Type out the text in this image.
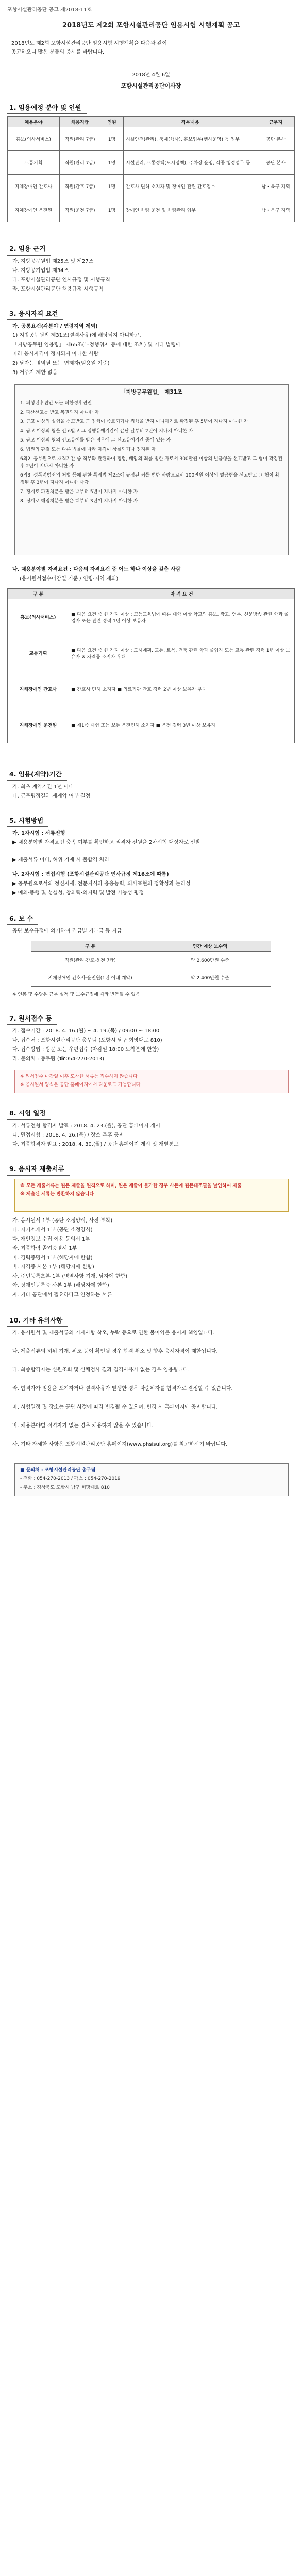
포항시설관리공단 공고 제2018-11호
2018년도 제2회 포항시설관리공단 임용시험 시행계획 공고
2018년도 제2회 포항시설관리공단 임용시험 시행계획을 다음과 같이
공고하오니 많은 분들의 응시를 바랍니다.
2018년 4월 6일
포항시설관리공단이사장
1. 임용예정 분야 및 인원
채용분야	채용직급	인원	직무내용	근무지
홍보(의사서비스)	직원(관리 7급)	1명	시설안전(관리), 축제(행사), 홍보업무(행사운영) 등 업무	공단 본사
교통기획	직원(관리 7급)	1명	시설관리, 교통정책(도시정책), 주차장 운영, 각종 행정업무 등	공단 본사
지체장애인 간호사	직원(간호 7급)	1명	간호사 면허 소지자 및 장애인 관련 간호업무	남・북구 지역
지체장애인 운전원	직원(운전 7급)	1명	장애인 차량 운전 및 차량관리 업무	남・북구 지역
2. 임용 근거
가. 지방공무원법 제25조 및 제27조
나. 지방공기업법 제34조
다. 포항시설관리공단 인사규정 및 시행규칙
라. 포항시설관리공단 채용규정 시행규칙
3. 응시자격 요건
가. 공통요건(각분야 / 연령지역 제외)
1) 지방공무원법 제31조(결격사유)에 해당되지 아니하고,
「지방공무원 임용령」 제65조(부정행위자 등에 대한 조치) 및 기타 법령에
따라 응시자격이 정지되지 아니한 사람
2) 남자는 병역필 또는 면제자(임용일 기준)
3) 거주지 제한 없음
「지방공무원법」 제31조
1. 피성년후견인 또는 피한정후견인
2. 파산선고를 받고 복권되지 아니한 자
3. 금고 이상의 실형을 선고받고 그 집행이 종료되거나 집행을 받지 아니하기로 확정된 후 5년이 지나지 아니한 자
4. 금고 이상의 형을 선고받고 그 집행유예기간이 끝난 날부터 2년이 지나지 아니한 자
5. 금고 이상의 형의 선고유예를 받은 경우에 그 선고유예기간 중에 있는 자
6. 법원의 판결 또는 다른 법률에 따라 자격이 상실되거나 정지된 자
6의2. 공무원으로 재직기간 중 직무와 관련하여 횡령, 배임의 죄를 범한 자로서 300만원 이상의 벌금형을 선고받고 그 형이 확정된 후 2년이 지나지 아니한 자
6의3. 성폭력범죄의 처벌 등에 관한 특례법 제2조에 규정된 죄를 범한 사람으로서 100만원 이상의 벌금형을 선고받고 그 형이 확정된 후 3년이 지나지 아니한 사람
7. 징계로 파면처분을 받은 때부터 5년이 지나지 아니한 자
8. 징계로 해임처분을 받은 때부터 3년이 지나지 아니한 자
나. 채용분야별 자격요건 : 다음의 자격요건 중 어느 하나 이상을 갖춘 사람
(응시원서접수마감일 기준 / 연령·지역 제외)
구 분	자 격 요 건
홍보(의사서비스)	■ 다음 요건 중 한 가지 이상 : 고등교육법에 따른 대학 이상 학교의 홍보, 광고, 언론, 신문방송 관련 학과 졸업자 또는 관련 경력 1년 이상 보유자
교통기획	■ 다음 요건 중 한 가지 이상 : 도시계획, 교통, 토목, 건축 관련 학과 졸업자 또는 교통 관련 경력 1년 이상 보유자 ※ 자격증 소지자 우대
지체장애인 간호사	■ 간호사 면허 소지자 ■ 의료기관 간호 경력 2년 이상 보유자 우대
지체장애인 운전원	■ 제1종 대형 또는 보통 운전면허 소지자 ■ 운전 경력 3년 이상 보유자
4. 임용(계약)기간
가. 최초 계약기간 1년 이내
나. 근무평정결과 재계약 여부 결정
5. 시험방법
가. 1차시험 : 서류전형
▶ 채용분야별 자격요건 충족 여부를 확인하고 적격자 전원을 2차시험 대상자로 선발
▶ 제출서류 미비, 허위 기재 시 불합격 처리
나. 2차시험 : 면접시험 (포항시설관리공단 인사규정 제16조에 따름)
▶ 공무원으로서의 정신자세, 전문지식과 응용능력, 의사표현의 정확성과 논리성
▶ 예의·품행 및 성실성, 창의력·의지력 및 발전 가능성 평정
6. 보 수
공단 보수규정에 의거하여 직급별 기본급 등 지급
구 분	연간 예상 보수액
직원(관리·간호·운전 7급)	약 2,600만원 수준
지체장애인 간호사·운전원(1년 이내 계약)	약 2,400만원 수준
※ 연봉 및 수당은 근무 실적 및 보수규정에 따라 변동될 수 있음
7. 원서접수 등
가. 접수기간 : 2018. 4. 16.(월) ~ 4. 19.(목) / 09:00 ~ 18:00
나. 접수처 : 포항시설관리공단 총무팀 (포항시 남구 희망대로 810)
다. 접수방법 : 방문 또는 우편접수 (마감일 18:00 도착분에 한함)
라. 문의처 : 총무팀 (☎054-270-2013)
※ 원서접수 마감일 이후 도착한 서류는 접수하지 않습니다
※ 응시원서 양식은 공단 홈페이지에서 다운로드 가능합니다
8. 시험 일정
가. 서류전형 합격자 발표 : 2018. 4. 23.(월), 공단 홈페이지 게시
나. 면접시험 : 2018. 4. 26.(목) / 장소 추후 공지
다. 최종합격자 발표 : 2018. 4. 30.(월) / 공단 홈페이지 게시 및 개별통보
9. 응시자 제출서류
※ 모든 제출서류는 원본 제출을 원칙으로 하며, 원본 제출이 불가한 경우 사본에 원본대조필을 날인하여 제출
※ 제출된 서류는 반환하지 않습니다
가. 응시원서 1부 (공단 소정양식, 사진 부착)
나. 자기소개서 1부 (공단 소정양식)
다. 개인정보 수집·이용 동의서 1부
라. 최종학력 졸업증명서 1부
마. 경력증명서 1부 (해당자에 한함)
바. 자격증 사본 1부 (해당자에 한함)
사. 주민등록초본 1부 (병역사항 기재, 남자에 한함)
아. 장애인등록증 사본 1부 (해당자에 한함)
자. 기타 공단에서 필요하다고 인정하는 서류
10. 기타 유의사항
가. 응시원서 및 제출서류의 기재사항 착오, 누락 등으로 인한 불이익은 응시자 책임입니다.
나. 제출서류의 허위 기재, 위조 등이 확인될 경우 합격 취소 및 향후 응시자격이 제한됩니다.
다. 최종합격자는 신원조회 및 신체검사 결과 결격사유가 없는 경우 임용됩니다.
라. 합격자가 임용을 포기하거나 결격사유가 발생한 경우 차순위자를 합격자로 결정할 수 있습니다.
마. 시험일정 및 장소는 공단 사정에 따라 변경될 수 있으며, 변경 시 홈페이지에 공지합니다.
바. 채용분야별 적격자가 없는 경우 채용하지 않을 수 있습니다.
사. 기타 자세한 사항은 포항시설관리공단 홈페이지(www.phsisul.org)를 참고하시기 바랍니다.
■ 문의처 : 포항시설관리공단 총무팀
- 전화 : 054-270-2013 / 팩스 : 054-270-2019
- 주소 : 경상북도 포항시 남구 희망대로 810
